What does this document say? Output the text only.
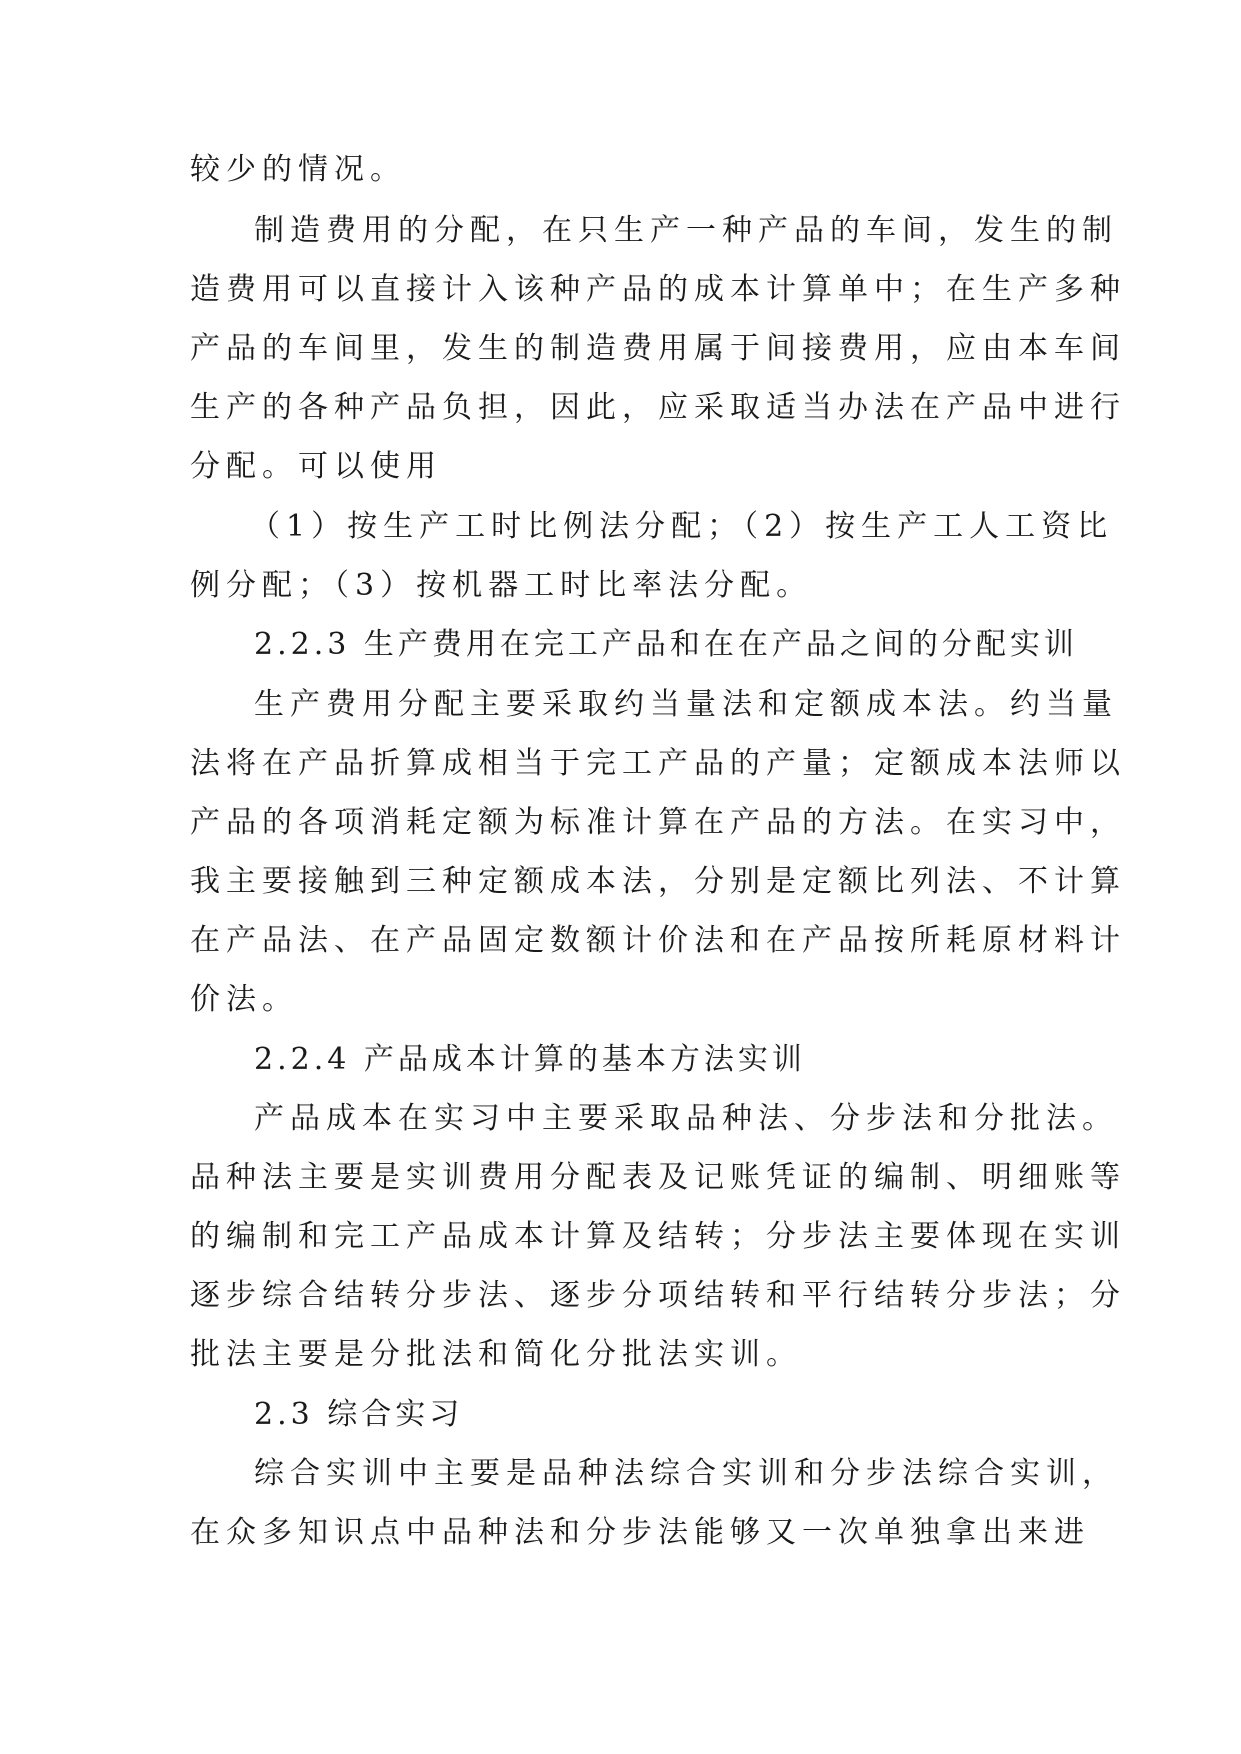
较少的情况。

制造费用的分配，在只生产一种产品的车间，发生的制

造费用可以直接计入该种产品的成本计算单中；在生产多种

产品的车间里，发生的制造费用属于间接费用，应由本车间

生产的各种产品负担，因此，应采取适当办法在产品中进行

分配。可以使用

（1）按生产工时比例法分配；（2）按生产工人工资比

例分配；（3）按机器工时比率法分配。

2.2.3 生产费用在完工产品和在在产品之间的分配实训

生产费用分配主要采取约当量法和定额成本法。约当量

法将在产品折算成相当于完工产品的产量；定额成本法师以

产品的各项消耗定额为标准计算在产品的方法。在实习中，

我主要接触到三种定额成本法，分别是定额比列法、不计算

在产品法、在产品固定数额计价法和在产品按所耗原材料计

价法。

2.2.4 产品成本计算的基本方法实训

产品成本在实习中主要采取品种法、分步法和分批法。

品种法主要是实训费用分配表及记账凭证的编制、明细账等

的编制和完工产品成本计算及结转；分步法主要体现在实训

逐步综合结转分步法、逐步分项结转和平行结转分步法；分

批法主要是分批法和简化分批法实训。

2.3 综合实习

综合实训中主要是品种法综合实训和分步法综合实训，

在众多知识点中品种法和分步法能够又一次单独拿出来进
